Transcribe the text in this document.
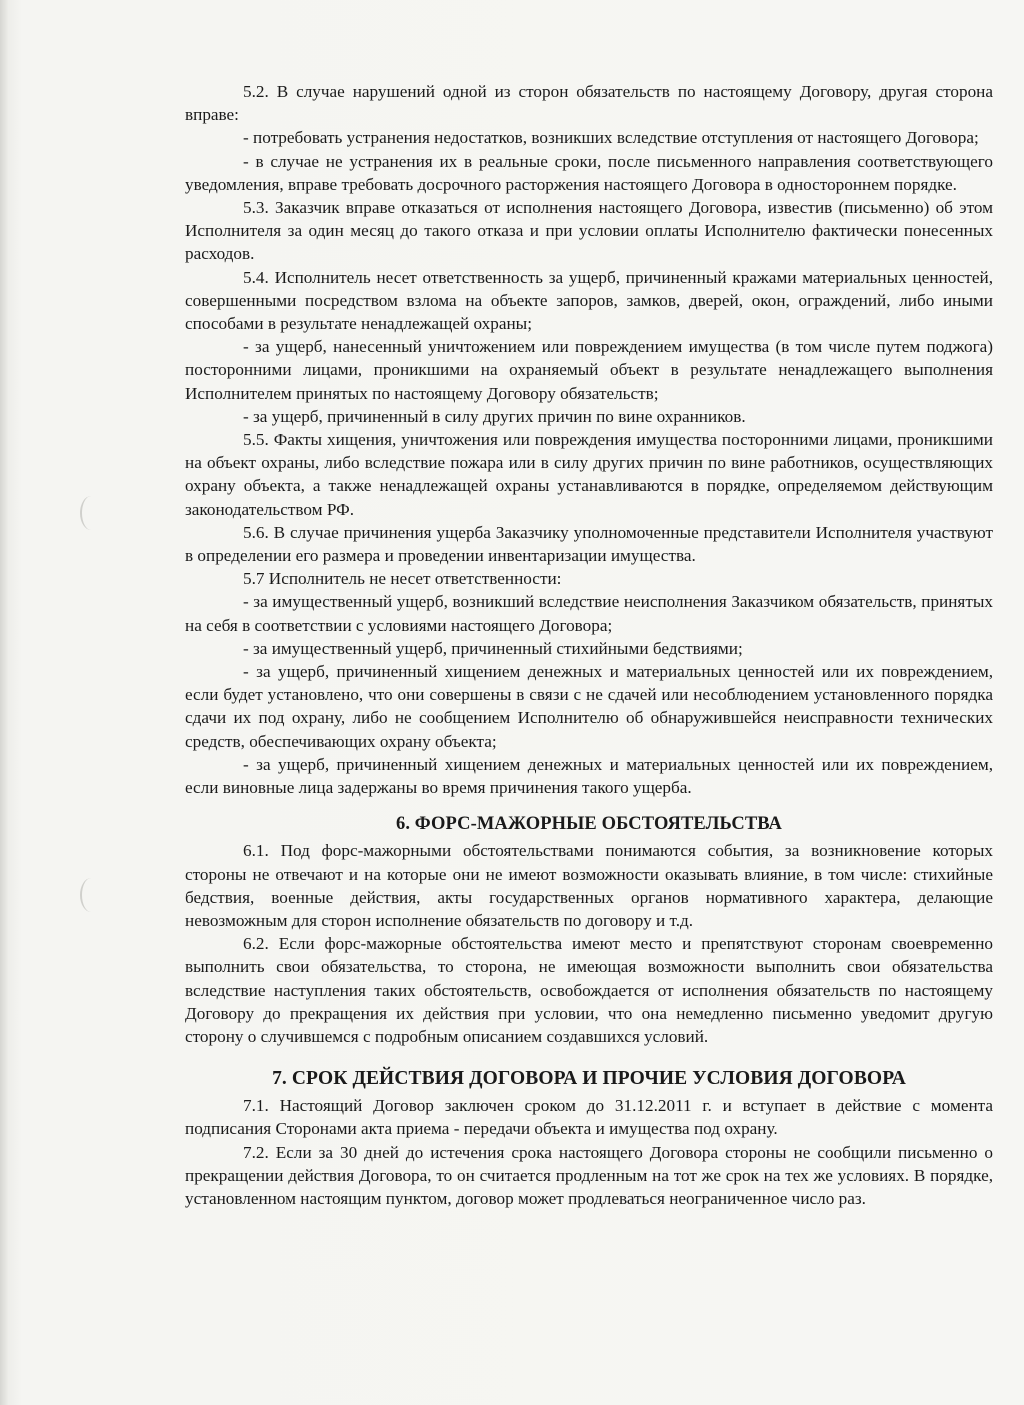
5.2. В случае нарушений одной из сторон обязательств по настоящему Договору, другая сторона вправе:

- потребовать устранения недостатков, возникших вследствие отступления от настоящего Договора;

- в случае не устранения их в реальные сроки, после письменного направления соответствующего уведомления, вправе требовать досрочного расторжения настоящего Договора в одностороннем порядке.

5.3. Заказчик вправе отказаться от исполнения настоящего Договора, известив (письменно) об этом Исполнителя за один месяц до такого отказа и при условии оплаты Исполнителю фактически понесенных расходов.

5.4. Исполнитель несет ответственность за ущерб, причиненный кражами материальных ценностей, совершенными посредством взлома на объекте запоров, замков, дверей, окон, ограждений, либо иными способами в результате ненадлежащей охраны;

- за ущерб, нанесенный уничтожением или повреждением имущества (в том числе путем поджога) посторонними лицами, проникшими на охраняемый объект в результате ненадлежащего выполнения Исполнителем принятых по настоящему Договору обязательств;

- за ущерб, причиненный в силу других причин по вине охранников.

5.5. Факты хищения, уничтожения или повреждения имущества посторонними лицами, проникшими на объект охраны, либо вследствие пожара или в силу других причин по вине работников, осуществляющих охрану объекта, а также ненадлежащей охраны устанавливаются в порядке, определяемом действующим законодательством РФ.

5.6. В случае причинения ущерба Заказчику уполномоченные представители Исполнителя участвуют в определении его размера и проведении инвентаризации имущества.

5.7 Исполнитель не несет ответственности:

- за имущественный ущерб, возникший вследствие неисполнения Заказчиком обязательств, принятых на себя в соответствии с условиями настоящего Договора;

- за имущественный ущерб, причиненный стихийными бедствиями;

- за ущерб, причиненный хищением денежных и материальных ценностей или их повреждением, если будет установлено, что они совершены в связи с не сдачей или несоблюдением установленного порядка сдачи их под охрану, либо не сообщением Исполнителю об обнаружившейся неисправности технических средств, обеспечивающих охрану объекта;

- за ущерб, причиненный хищением денежных и материальных ценностей или их повреждением, если виновные лица задержаны во время причинения такого ущерба.

6. ФОРС-МАЖОРНЫЕ ОБСТОЯТЕЛЬСТВА

6.1. Под форс-мажорными обстоятельствами понимаются события, за возникновение которых стороны не отвечают и на которые они не имеют возможности оказывать влияние, в том числе: стихийные бедствия, военные действия, акты государственных органов нормативного характера, делающие невозможным для сторон исполнение обязательств по договору и т.д.

6.2. Если форс-мажорные обстоятельства имеют место и препятствуют сторонам своевременно выполнить свои обязательства, то сторона, не имеющая возможности выполнить свои обязательства вследствие наступления таких обстоятельств, освобождается от исполнения обязательств по настоящему Договору до прекращения их действия при условии, что она немедленно письменно уведомит другую сторону о случившемся с подробным описанием создавшихся условий.

7. СРОК ДЕЙСТВИЯ ДОГОВОРА И ПРОЧИЕ УСЛОВИЯ ДОГОВОРА

7.1. Настоящий Договор заключен сроком до 31.12.2011 г. и вступает в действие с момента подписания Сторонами акта приема - передачи объекта и имущества под охрану.

7.2. Если за 30 дней до истечения срока настоящего Договора стороны не сообщили письменно о прекращении действия Договора, то он считается продленным на тот же срок на тех же условиях. В порядке, установленном настоящим пунктом, договор может продлеваться неограниченное число раз.
